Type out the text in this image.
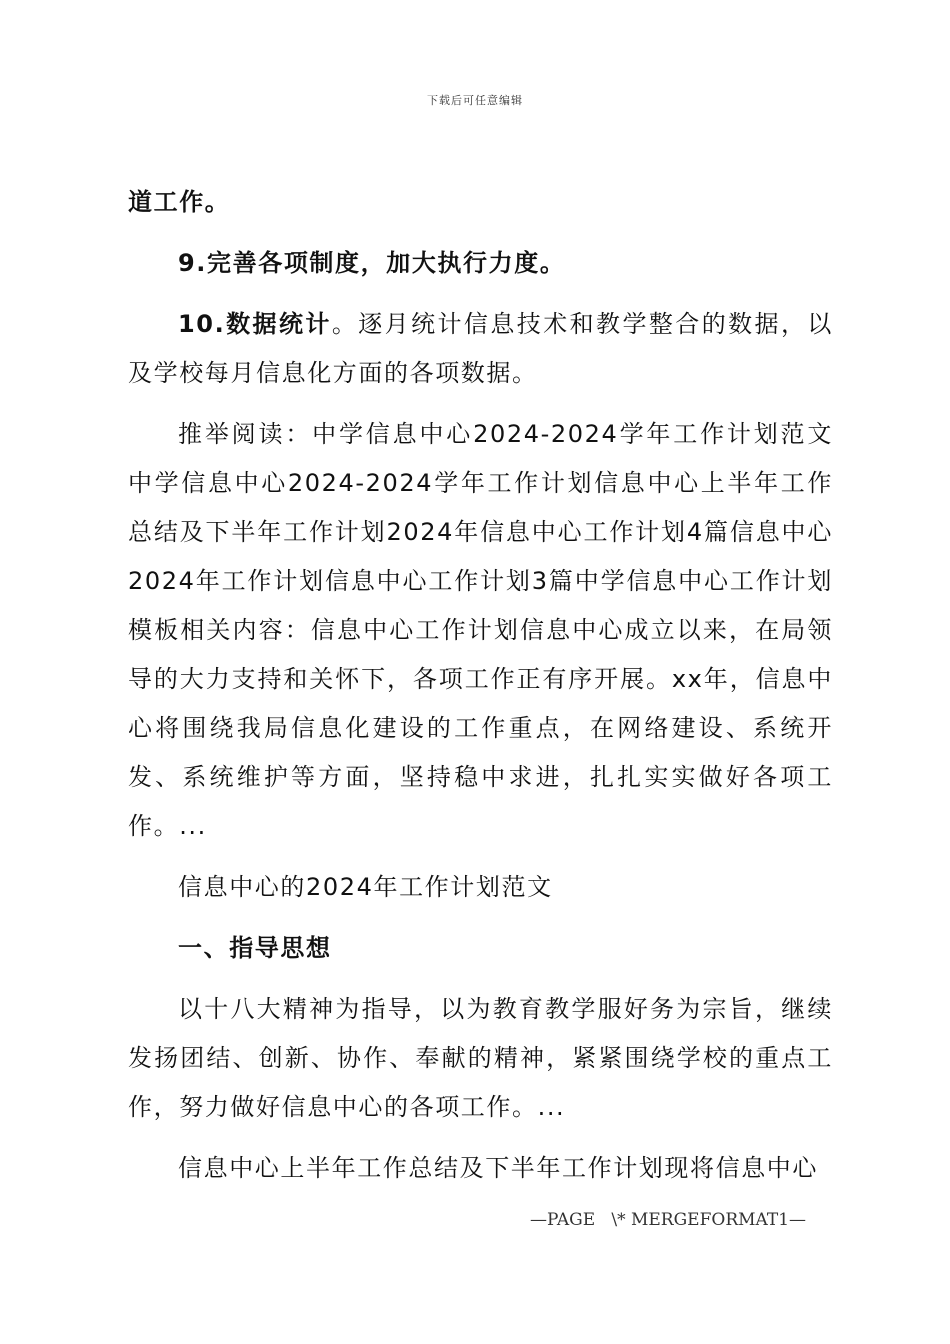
下载后可任意编辑

道工作。

9.完善各项制度，加大执行力度。

10.数据统计。逐月统计信息技术和教学整合的数据，以及学校每月信息化方面的各项数据。

推举阅读：中学信息中心2024-2024学年工作计划范文中学信息中心2024-2024学年工作计划信息中心上半年工作总结及下半年工作计划2024年信息中心工作计划4篇信息中心2024年工作计划信息中心工作计划3篇中学信息中心工作计划模板相关内容：信息中心工作计划信息中心成立以来，在局领导的大力支持和关怀下，各项工作正有序开展。xx年，信息中心将围绕我局信息化建设的工作重点，在网络建设、系统开发、系统维护等方面，坚持稳中求进，扎扎实实做好各项工作。...

信息中心的2024年工作计划范文

一、指导思想

以十八大精神为指导，以为教育教学服好务为宗旨，继续发扬团结、创新、协作、奉献的精神，紧紧围绕学校的重点工作，努力做好信息中心的各项工作。...

信息中心上半年工作总结及下半年工作计划现将信息中心

—PAGE   \* MERGEFORMAT1—
